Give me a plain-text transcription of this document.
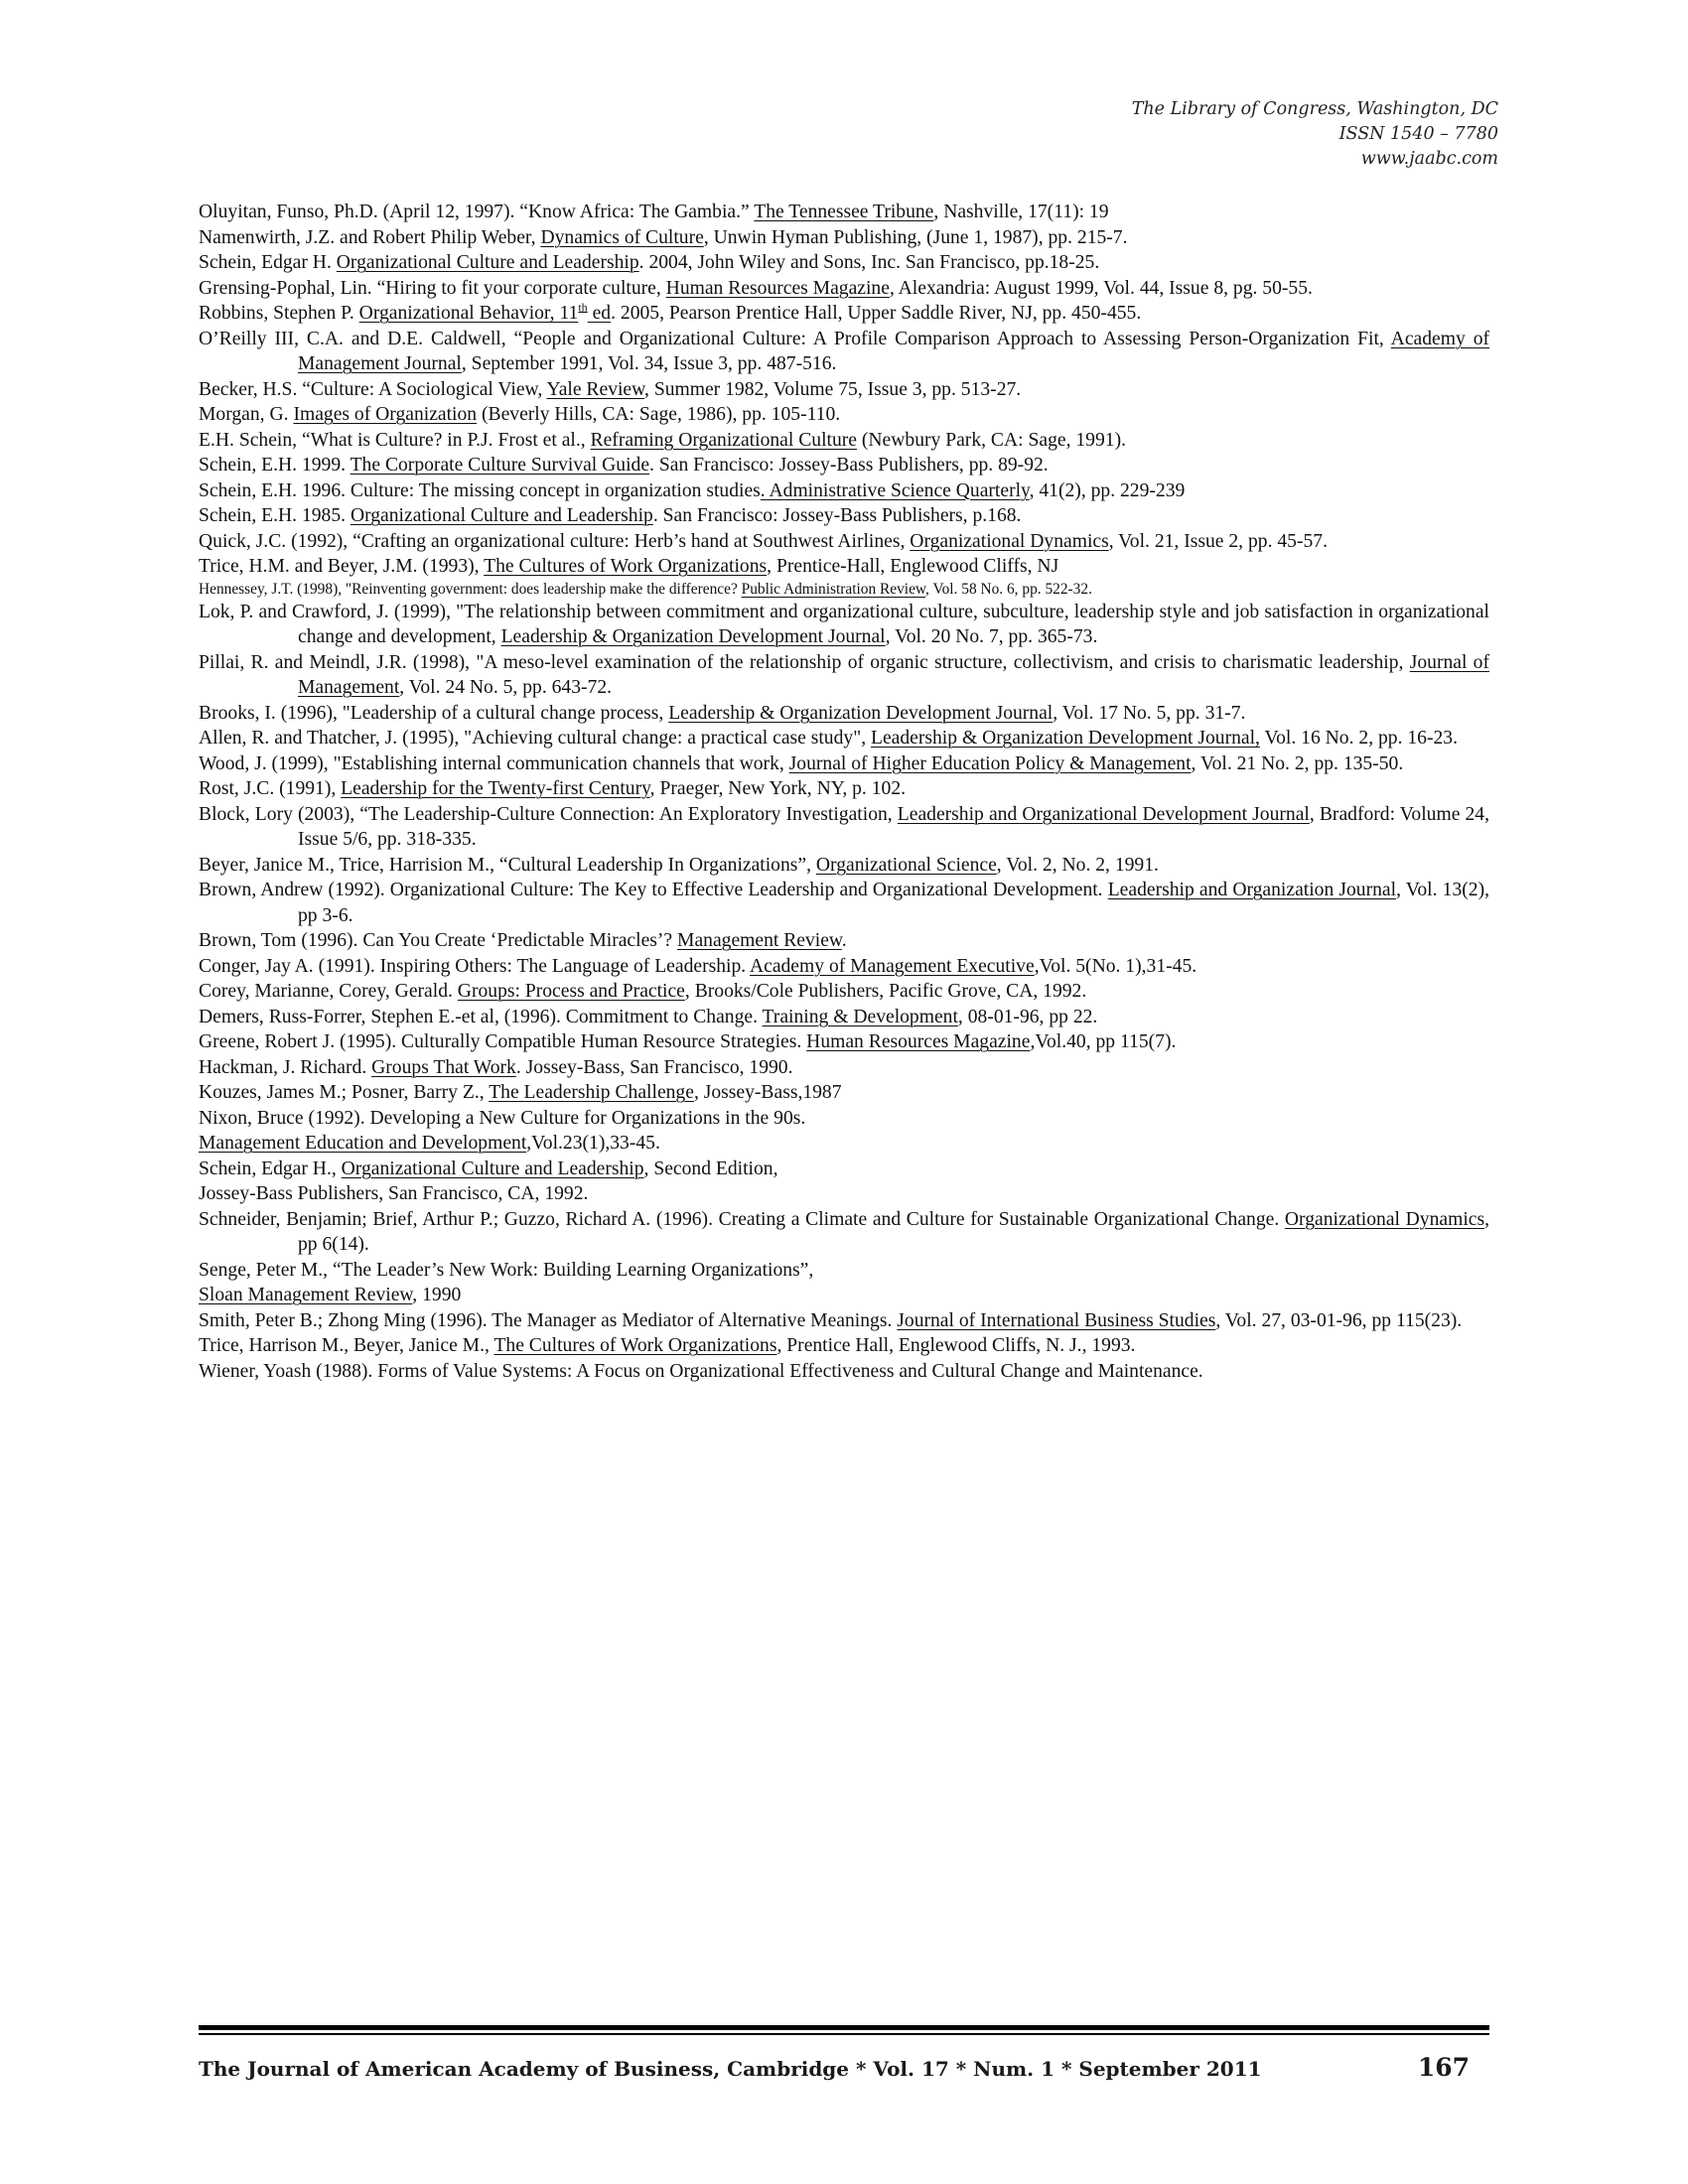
The Library of Congress, Washington, DC
ISSN 1540 – 7780
www.jaabc.com

Oluyitan, Funso, Ph.D. (April 12, 1997). “Know Africa: The Gambia.” The Tennessee Tribune, Nashville, 17(11): 19

Namenwirth, J.Z. and Robert Philip Weber, Dynamics of Culture, Unwin Hyman Publishing, (June 1, 1987), pp. 215-7.

Schein, Edgar H. Organizational Culture and Leadership. 2004, John Wiley and Sons, Inc. San Francisco, pp.18-25.

Grensing-Pophal, Lin. “Hiring to fit your corporate culture, Human Resources Magazine, Alexandria: August 1999, Vol. 44, Issue 8, pg. 50-55.

Robbins, Stephen P. Organizational Behavior, 11th ed. 2005, Pearson Prentice Hall, Upper Saddle River, NJ, pp. 450-455.

O’Reilly III, C.A. and D.E. Caldwell, “People and Organizational Culture: A Profile Comparison Approach to Assessing Person-Organization Fit, Academy of Management Journal, September 1991, Vol. 34, Issue 3, pp. 487-516.

Becker, H.S. “Culture: A Sociological View, Yale Review, Summer 1982, Volume 75, Issue 3, pp. 513-27.

Morgan, G. Images of Organization (Beverly Hills, CA: Sage, 1986), pp. 105-110.

E.H. Schein, “What is Culture? in P.J. Frost et al., Reframing Organizational Culture (Newbury Park, CA: Sage, 1991).

Schein, E.H. 1999. The Corporate Culture Survival Guide. San Francisco: Jossey-Bass Publishers, pp. 89-92.

Schein, E.H. 1996. Culture: The missing concept in organization studies. Administrative Science Quarterly, 41(2), pp. 229-239

Schein, E.H. 1985. Organizational Culture and Leadership. San Francisco: Jossey-Bass Publishers, p.168.

Quick, J.C. (1992), “Crafting an organizational culture: Herb’s hand at Southwest Airlines, Organizational Dynamics, Vol. 21, Issue 2, pp. 45-57.

Trice, H.M. and Beyer, J.M. (1993), The Cultures of Work Organizations, Prentice-Hall, Englewood Cliffs, NJ

Hennessey, J.T. (1998), "Reinventing government: does leadership make the difference? Public Administration Review, Vol. 58 No. 6, pp. 522-32.

Lok, P. and Crawford, J. (1999), "The relationship between commitment and organizational culture, subculture, leadership style and job satisfaction in organizational change and development, Leadership & Organization Development Journal, Vol. 20 No. 7, pp. 365-73.

Pillai, R. and Meindl, J.R. (1998), "A meso-level examination of the relationship of organic structure, collectivism, and crisis to charismatic leadership, Journal of Management, Vol. 24 No. 5, pp. 643-72.

Brooks, I. (1996), "Leadership of a cultural change process, Leadership & Organization Development Journal, Vol. 17 No. 5, pp. 31-7.

Allen, R. and Thatcher, J. (1995), "Achieving cultural change: a practical case study", Leadership & Organization Development Journal, Vol. 16 No. 2, pp. 16-23.

Wood, J. (1999), "Establishing internal communication channels that work, Journal of Higher Education Policy & Management, Vol. 21 No. 2, pp. 135-50.

Rost, J.C. (1991), Leadership for the Twenty-first Century, Praeger, New York, NY, p. 102.

Block, Lory (2003), “The Leadership-Culture Connection: An Exploratory Investigation, Leadership and Organizational Development Journal, Bradford: Volume 24, Issue 5/6, pp. 318-335.

Beyer, Janice M., Trice, Harrision M., “Cultural Leadership In Organizations”, Organizational Science, Vol. 2, No. 2, 1991.

Brown, Andrew (1992). Organizational Culture: The Key to Effective Leadership and Organizational Development. Leadership and Organization Journal, Vol. 13(2), pp 3-6.

Brown, Tom (1996). Can You Create ‘Predictable Miracles’? Management Review.

Conger, Jay A. (1991). Inspiring Others: The Language of Leadership. Academy of Management Executive,Vol. 5(No. 1),31-45.

Corey, Marianne, Corey, Gerald. Groups: Process and Practice, Brooks/Cole Publishers, Pacific Grove, CA, 1992.

Demers, Russ-Forrer, Stephen E.-et al, (1996). Commitment to Change. Training & Development, 08-01-96, pp 22.

Greene, Robert J. (1995). Culturally Compatible Human Resource Strategies. Human Resources Magazine,Vol.40, pp 115(7).

Hackman, J. Richard. Groups That Work. Jossey-Bass, San Francisco, 1990.

Kouzes, James M.; Posner, Barry Z., The Leadership Challenge, Jossey-Bass,1987

Nixon, Bruce (1992). Developing a New Culture for Organizations in the 90s.

Management Education and Development,Vol.23(1),33-45.

Schein, Edgar H., Organizational Culture and Leadership, Second Edition,

Jossey-Bass Publishers, San Francisco, CA, 1992.

Schneider, Benjamin; Brief, Arthur P.; Guzzo, Richard A. (1996). Creating a Climate and Culture for Sustainable Organizational Change. Organizational Dynamics, pp 6(14).

Senge, Peter M., “The Leader’s New Work: Building Learning Organizations”,

Sloan Management Review, 1990

Smith, Peter B.; Zhong Ming (1996). The Manager as Mediator of Alternative Meanings. Journal of International Business Studies, Vol. 27, 03-01-96, pp 115(23).

Trice, Harrison M., Beyer, Janice M., The Cultures of Work Organizations, Prentice Hall, Englewood Cliffs, N. J., 1993.

Wiener, Yoash (1988). Forms of Value Systems: A Focus on Organizational Effectiveness and Cultural Change and Maintenance.

The Journal of American Academy of Business, Cambridge * Vol. 17 * Num. 1 * September 2011	167
